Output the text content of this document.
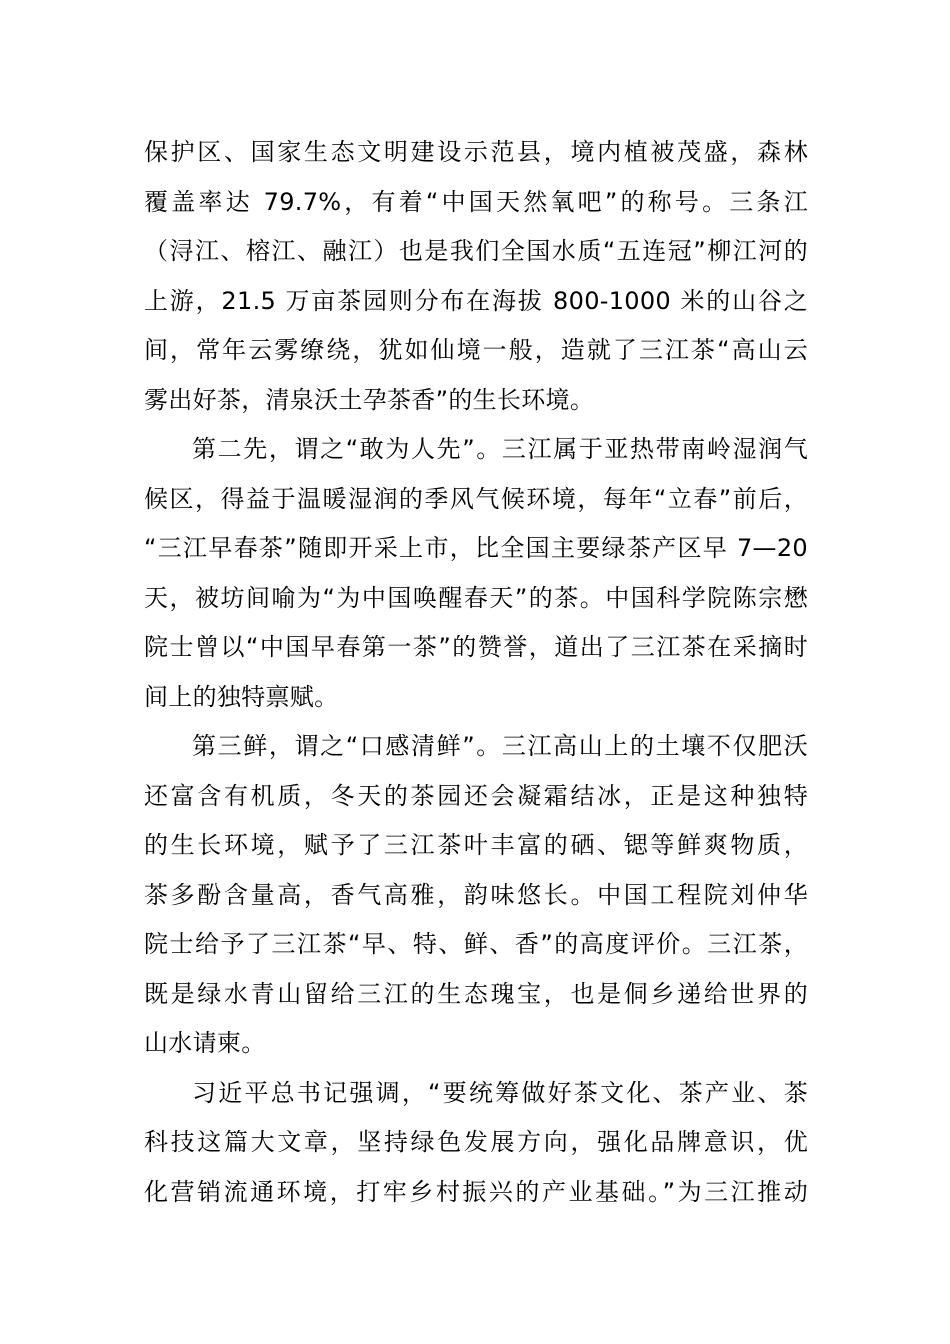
保护区、国家生态文明建设示范县，境内植被茂盛，森林
覆盖率达 79.7%，有着“中国天然氧吧”的称号。三条江
（浔江、榕江、融江）也是我们全国水质“五连冠”柳江河的
上游，21.5 万亩茶园则分布在海拔 800-1000 米的山谷之
间，常年云雾缭绕，犹如仙境一般，造就了三江茶“高山云
雾出好茶，清泉沃土孕茶香”的生长环境。
第二先，谓之“敢为人先”。三江属于亚热带南岭湿润气
候区，得益于温暖湿润的季风气候环境，每年“立春”前后，
“三江早春茶”随即开采上市，比全国主要绿茶产区早 7—20
天，被坊间喻为“为中国唤醒春天”的茶。中国科学院陈宗懋
院士曾以“中国早春第一茶”的赞誉，道出了三江茶在采摘时
间上的独特禀赋。
第三鲜，谓之“口感清鲜”。三江高山上的土壤不仅肥沃
还富含有机质，冬天的茶园还会凝霜结冰，正是这种独特
的生长环境，赋予了三江茶叶丰富的硒、锶等鲜爽物质，
茶多酚含量高，香气高雅，韵味悠长。中国工程院刘仲华
院士给予了三江茶“早、特、鲜、香”的高度评价。三江茶，
既是绿水青山留给三江的生态瑰宝，也是侗乡递给世界的
山水请柬。
习近平总书记强调，“要统筹做好茶文化、茶产业、茶
科技这篇大文章，坚持绿色发展方向，强化品牌意识，优
化营销流通环境，打牢乡村振兴的产业基础。”为三江推动
